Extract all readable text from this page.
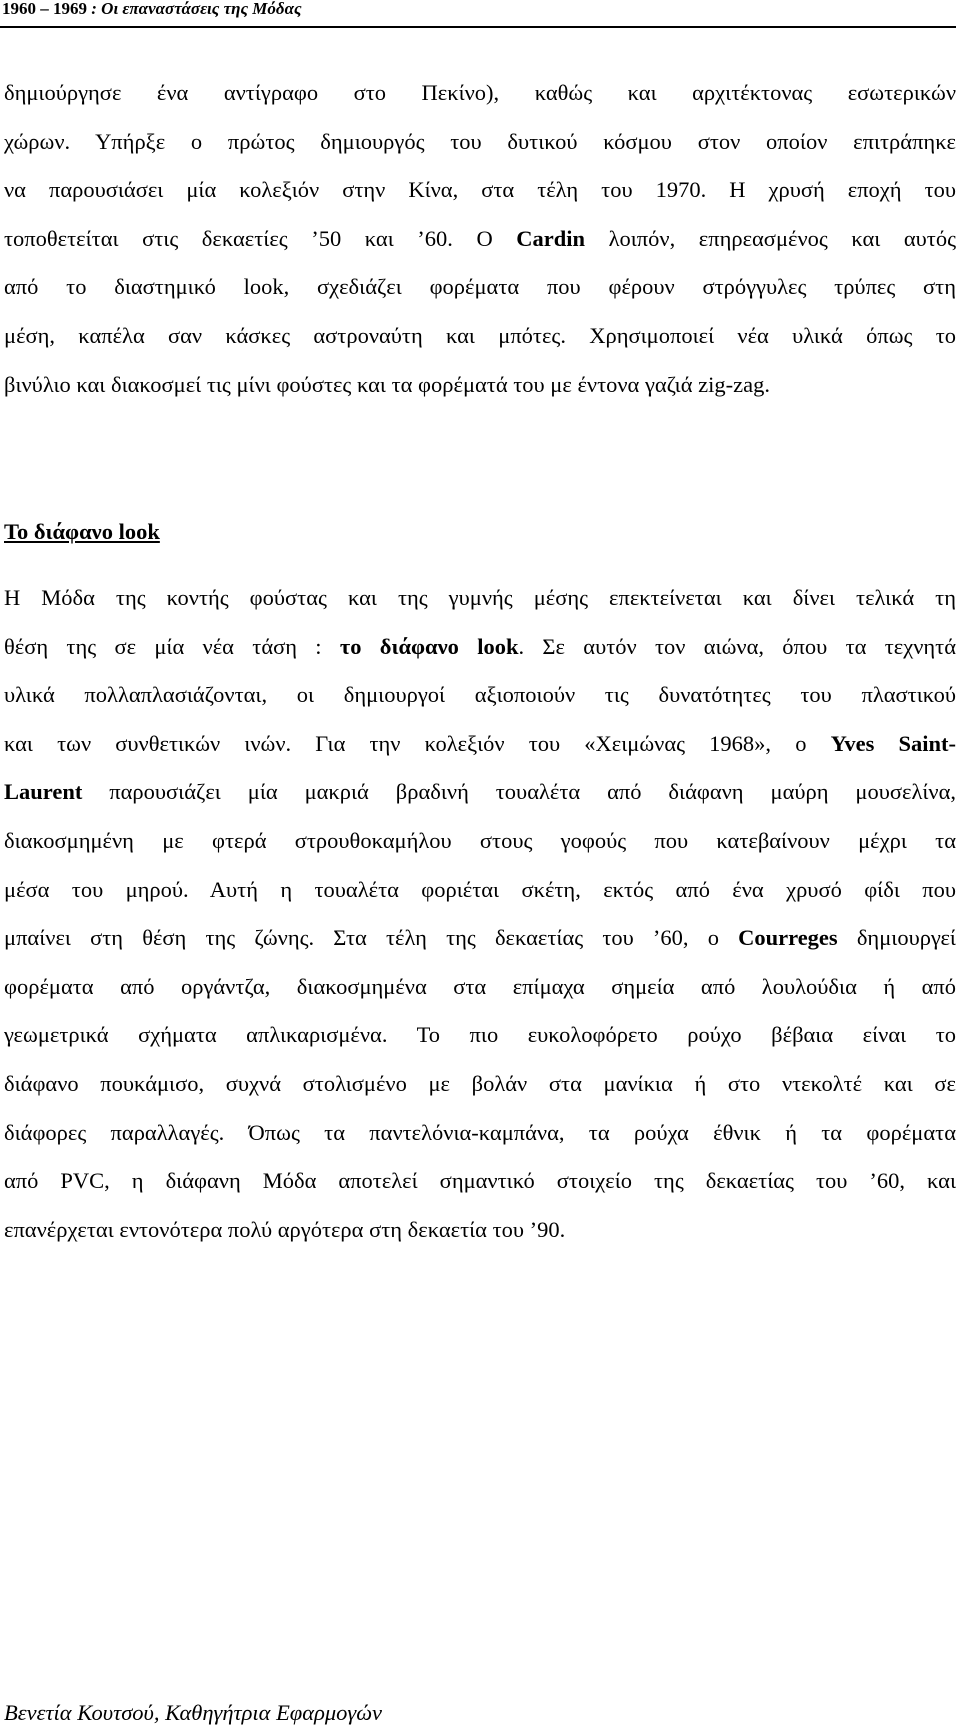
1960 – 1969 : Οι επαναστάσεις της Μόδας
δημιούργησε ένα αντίγραφο στο Πεκίνο), καθώς και αρχιτέκτονας εσωτερικών
χώρων. Υπήρξε ο πρώτος δημιουργός του δυτικού κόσμου στον οποίον επιτράπηκε
να παρουσιάσει μία κολεξιόν στην Κίνα, στα τέλη του 1970. Η χρυσή εποχή του
τοποθετείται στις δεκαετίες ’50 και ’60. Ο Cardin λοιπόν, επηρεασμένος και αυτός
από το διαστημικό look, σχεδιάζει φορέματα που φέρουν στρόγγυλες τρύπες στη
μέση, καπέλα σαν κάσκες αστροναύτη και μπότες. Χρησιμοποιεί νέα υλικά όπως το
βινύλιο και διακοσμεί τις μίνι φούστες και τα φορέματά του με έντονα γαζιά zig-zag.
Το διάφανο look
Η Μόδα της κοντής φούστας και της γυμνής μέσης επεκτείνεται και δίνει τελικά τη
θέση της σε μία νέα τάση : το διάφανο look. Σε αυτόν τον αιώνα, όπου τα τεχνητά
υλικά πολλαπλασιάζονται, οι δημιουργοί αξιοποιούν τις δυνατότητες του πλαστικού
και των συνθετικών ινών. Για την κολεξιόν του «Χειμώνας 1968», ο Yves Saint-
Laurent παρουσιάζει μία μακριά βραδινή τουαλέτα από διάφανη μαύρη μουσελίνα,
διακοσμημένη με φτερά στρουθοκαμήλου στους γοφούς που κατεβαίνουν μέχρι τα
μέσα του μηρού. Αυτή η τουαλέτα φοριέται σκέτη, εκτός από ένα χρυσό φίδι που
μπαίνει στη θέση της ζώνης. Στα τέλη της δεκαετίας του ’60, ο Courreges δημιουργεί
φορέματα από οργάντζα, διακοσμημένα στα επίμαχα σημεία από λουλούδια ή από
γεωμετρικά σχήματα απλικαρισμένα. Το πιο ευκολοφόρετο ρούχο βέβαια είναι το
διάφανο πουκάμισο, συχνά στολισμένο με βολάν στα μανίκια ή στο ντεκολτέ και σε
διάφορες παραλλαγές. Όπως τα παντελόνια-καμπάνα, τα ρούχα έθνικ ή τα φορέματα
από PVC, η διάφανη Μόδα αποτελεί σημαντικό στοιχείο της δεκαετίας του ’60, και
επανέρχεται εντονότερα πολύ αργότερα στη δεκαετία του ’90.
Βενετία Κουτσού, Καθηγήτρια Εφαρμογών
